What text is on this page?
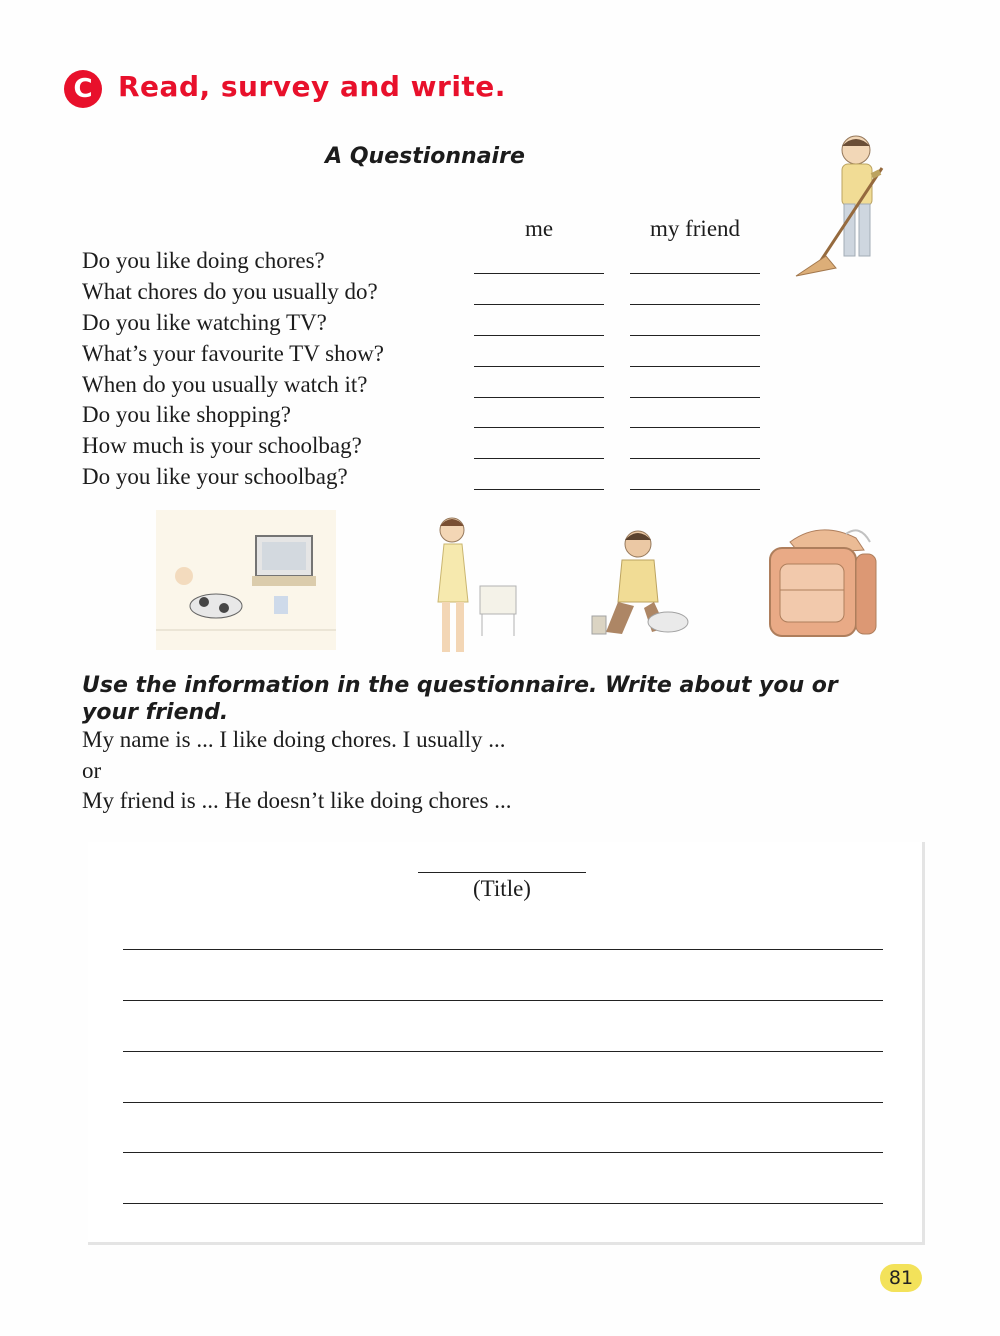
C Read, survey and write.
A Questionnaire
me	my friend
Do you like doing chores?
What chores do you usually do?
Do you like watching TV?
What’s your favourite TV show?
When do you usually watch it?
Do you like shopping?
How much is your schoolbag?
Do you like your schoolbag?
Use the information in the questionnaire. Write about you or your friend.
My name is ... I like doing chores. I usually ...
or
My friend is ... He doesn’t like doing chores ...
(Title)
81
